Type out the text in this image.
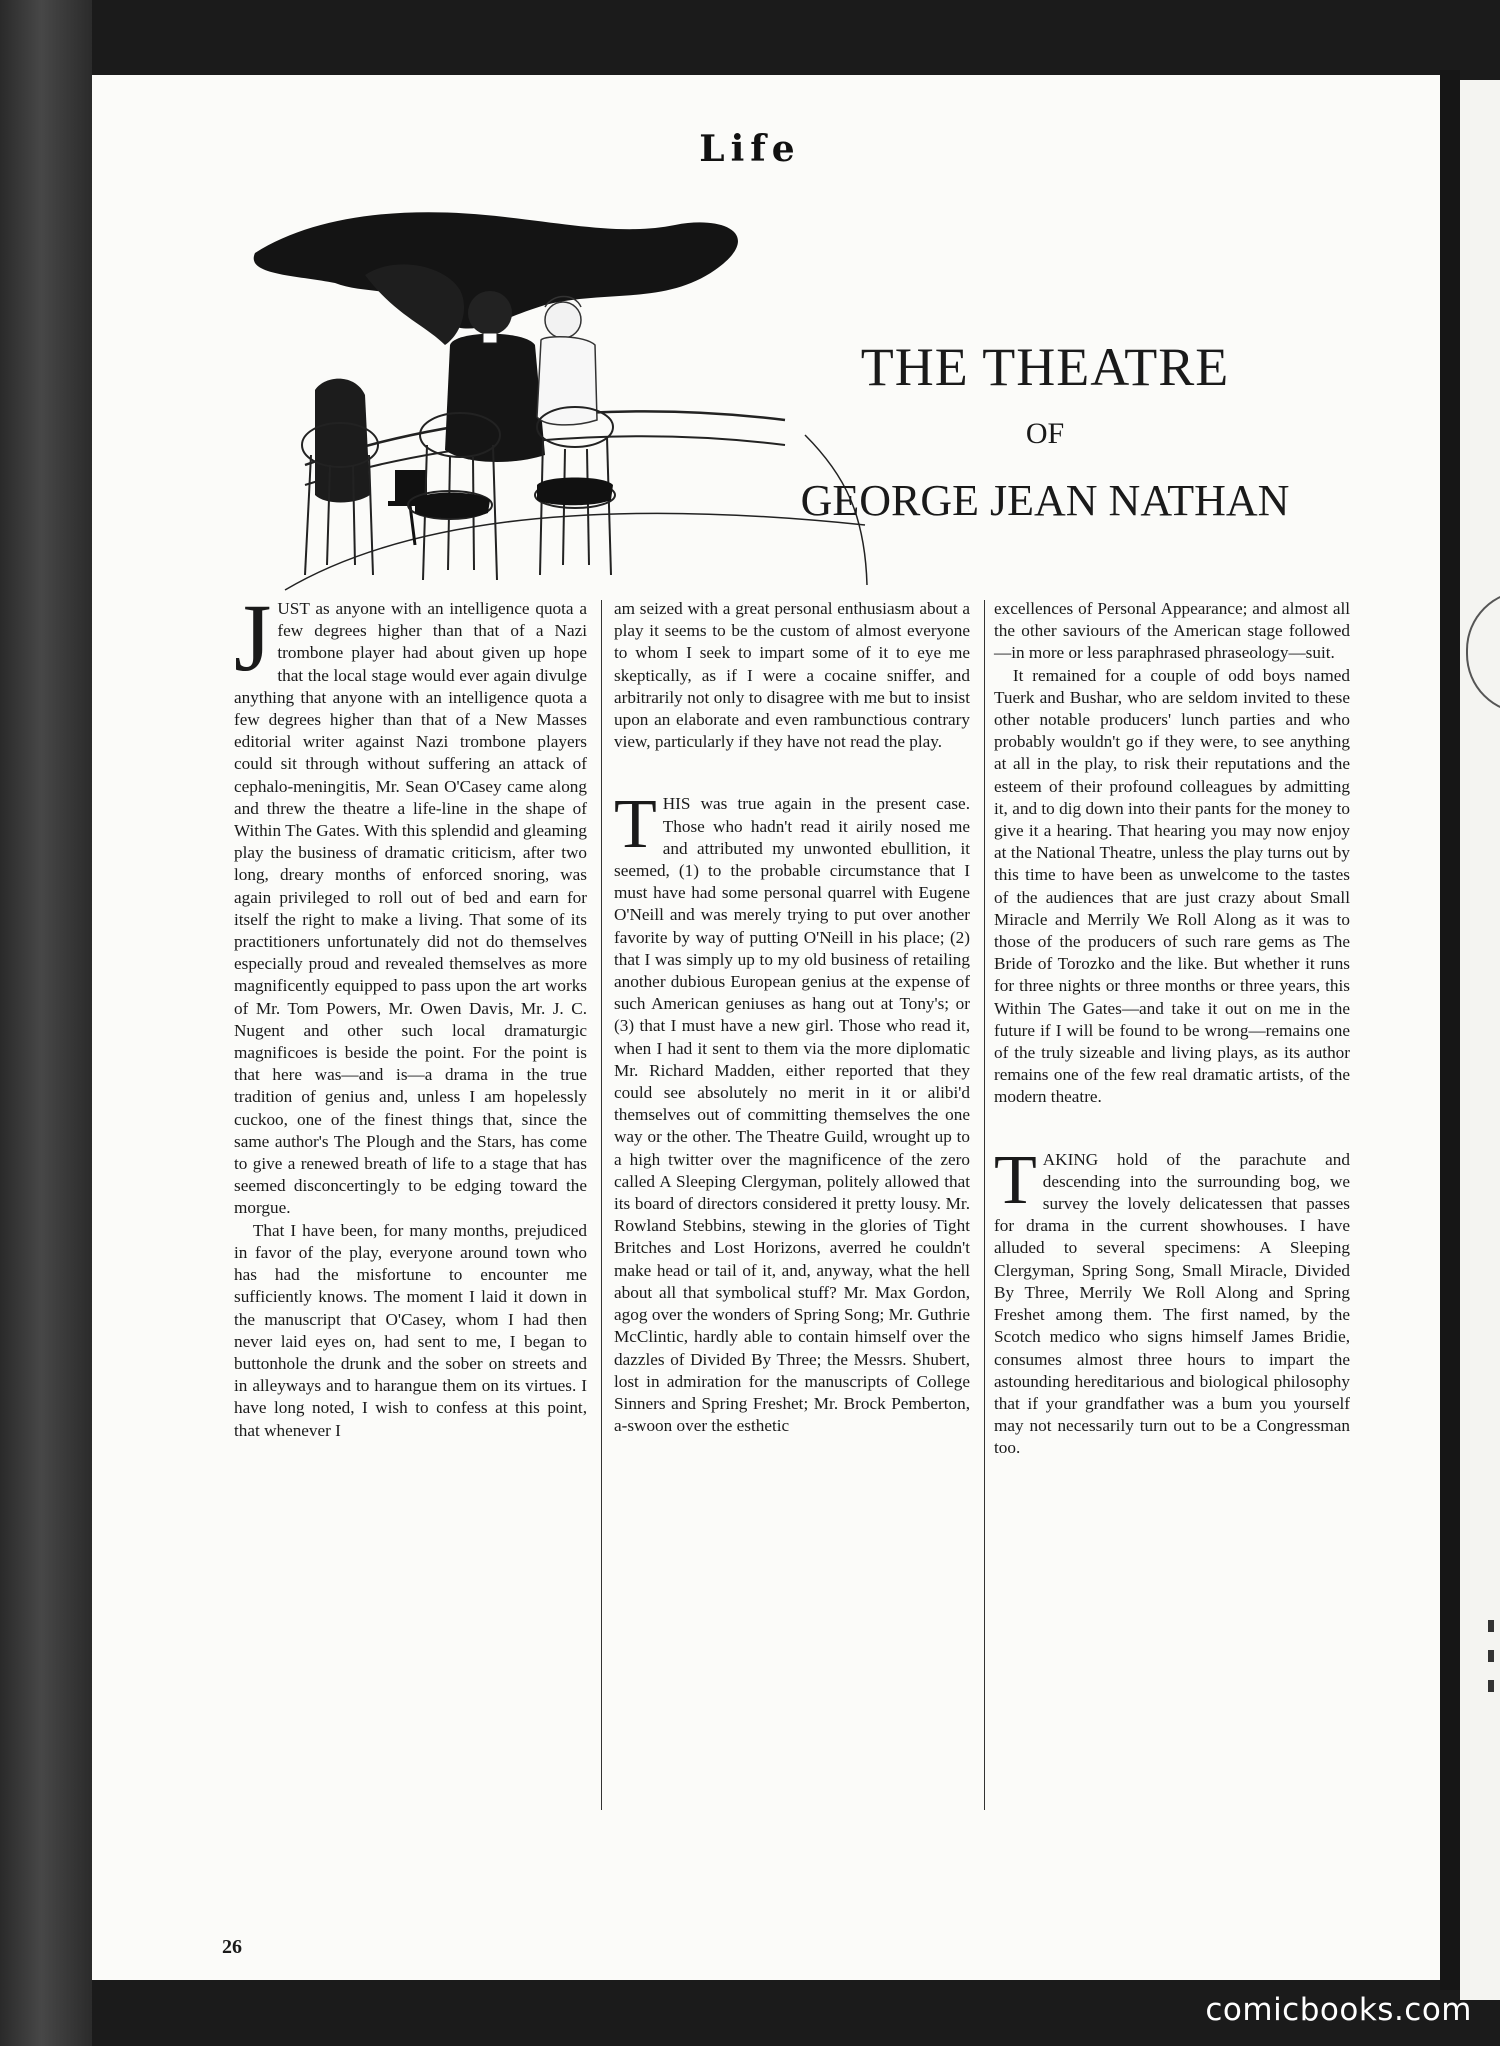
Life
THE THEATRE
OF
GEORGE JEAN NATHAN

JUST as anyone with an intelligence quota a few degrees higher than that of a Nazi trombone player had about given up hope that the local stage would ever again divulge anything that anyone with an intelligence quota a few degrees higher than that of a New Masses editorial writer against Nazi trombone players could sit through without suffering an attack of cephalo-meningitis, Mr. Sean O'Casey came along and threw the theatre a life-line in the shape of Within The Gates. With this splendid and gleaming play the business of dramatic criticism, after two long, dreary months of enforced snoring, was again privileged to roll out of bed and earn for itself the right to make a living. That some of its practitioners unfortunately did not do themselves especially proud and revealed themselves as more magnificently equipped to pass upon the art works of Mr. Tom Powers, Mr. Owen Davis, Mr. J. C. Nugent and other such local dramaturgic magnificoes is beside the point. For the point is that here was—and is—a drama in the true tradition of genius and, unless I am hopelessly cuckoo, one of the finest things that, since the same author's The Plough and the Stars, has come to give a renewed breath of life to a stage that has seemed disconcertingly to be edging toward the morgue.

That I have been, for many months, prejudiced in favor of the play, everyone around town who has had the misfortune to encounter me sufficiently knows. The moment I laid it down in the manuscript that O'Casey, whom I had then never laid eyes on, had sent to me, I began to buttonhole the drunk and the sober on streets and in alleyways and to harangue them on its virtues. I have long noted, I wish to confess at this point, that whenever I

am seized with a great personal enthusiasm about a play it seems to be the custom of almost everyone to whom I seek to impart some of it to eye me skeptically, as if I were a cocaine sniffer, and arbitrarily not only to disagree with me but to insist upon an elaborate and even rambunctious contrary view, particularly if they have not read the play.

THIS was true again in the present case. Those who hadn't read it airily nosed me and attributed my unwonted ebullition, it seemed, (1) to the probable circumstance that I must have had some personal quarrel with Eugene O'Neill and was merely trying to put over another favorite by way of putting O'Neill in his place; (2) that I was simply up to my old business of retailing another dubious European genius at the expense of such American geniuses as hang out at Tony's; or (3) that I must have a new girl. Those who read it, when I had it sent to them via the more diplomatic Mr. Richard Madden, either reported that they could see absolutely no merit in it or alibi'd themselves out of committing themselves the one way or the other. The Theatre Guild, wrought up to a high twitter over the magnificence of the zero called A Sleeping Clergyman, politely allowed that its board of directors considered it pretty lousy. Mr. Rowland Stebbins, stewing in the glories of Tight Britches and Lost Horizons, averred he couldn't make head or tail of it, and, anyway, what the hell about all that symbolical stuff? Mr. Max Gordon, agog over the wonders of Spring Song; Mr. Guthrie McClintic, hardly able to contain himself over the dazzles of Divided By Three; the Messrs. Shubert, lost in admiration for the manuscripts of College Sinners and Spring Freshet; Mr. Brock Pemberton, a-swoon over the esthetic

excellences of Personal Appearance; and almost all the other saviours of the American stage followed—in more or less paraphrased phraseology—suit.

It remained for a couple of odd boys named Tuerk and Bushar, who are seldom invited to these other notable producers' lunch parties and who probably wouldn't go if they were, to see anything at all in the play, to risk their reputations and the esteem of their profound colleagues by admitting it, and to dig down into their pants for the money to give it a hearing. That hearing you may now enjoy at the National Theatre, unless the play turns out by this time to have been as unwelcome to the tastes of the audiences that are just crazy about Small Miracle and Merrily We Roll Along as it was to those of the producers of such rare gems as The Bride of Torozko and the like. But whether it runs for three nights or three months or three years, this Within The Gates—and take it out on me in the future if I will be found to be wrong—remains one of the truly sizeable and living plays, as its author remains one of the few real dramatic artists, of the modern theatre.

TAKING hold of the parachute and descending into the surrounding bog, we survey the lovely delicatessen that passes for drama in the current showhouses. I have alluded to several specimens: A Sleeping Clergyman, Spring Song, Small Miracle, Divided By Three, Merrily We Roll Along and Spring Freshet among them. The first named, by the Scotch medico who signs himself James Bridie, consumes almost three hours to impart the astounding hereditarious and biological philosophy that if your grandfather was a bum you yourself may not necessarily turn out to be a Congressman too.

26
comicbooks.com
